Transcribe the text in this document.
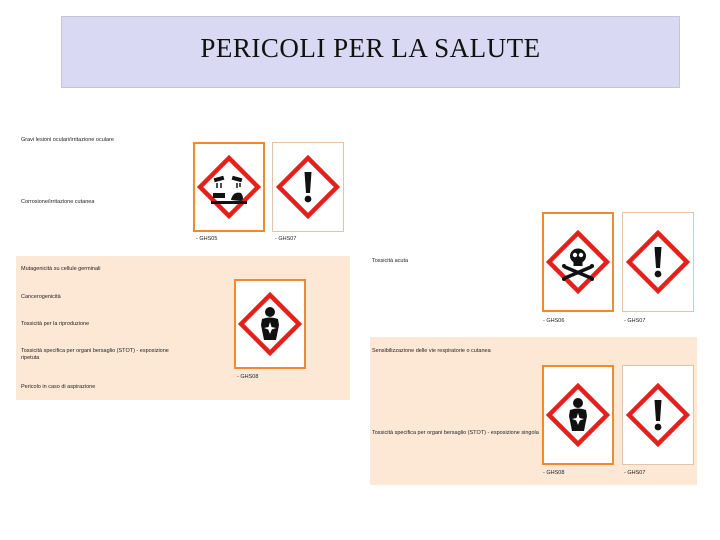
PERICOLI PER LA SALUTE
Gravi lesioni oculari/irritazione oculare
Corrosione/irritazione cutanea
- GHS05	- GHS07
Mutagenicità su cellule germinali
Cancerogenicità
Tossicità per la riproduzione
Tossicità specifica per organi bersaglio (STOT) - esposizione ripetuta
Pericolo in caso di aspirazione
- GHS08
Tossicità acuta
- GHS06	- GHS07
Sensibilizzazione delle vie respiratorie o cutanea
Tossicità specifica per organi bersaglio (STOT) - esposizione singola
- GHS08	- GHS07
